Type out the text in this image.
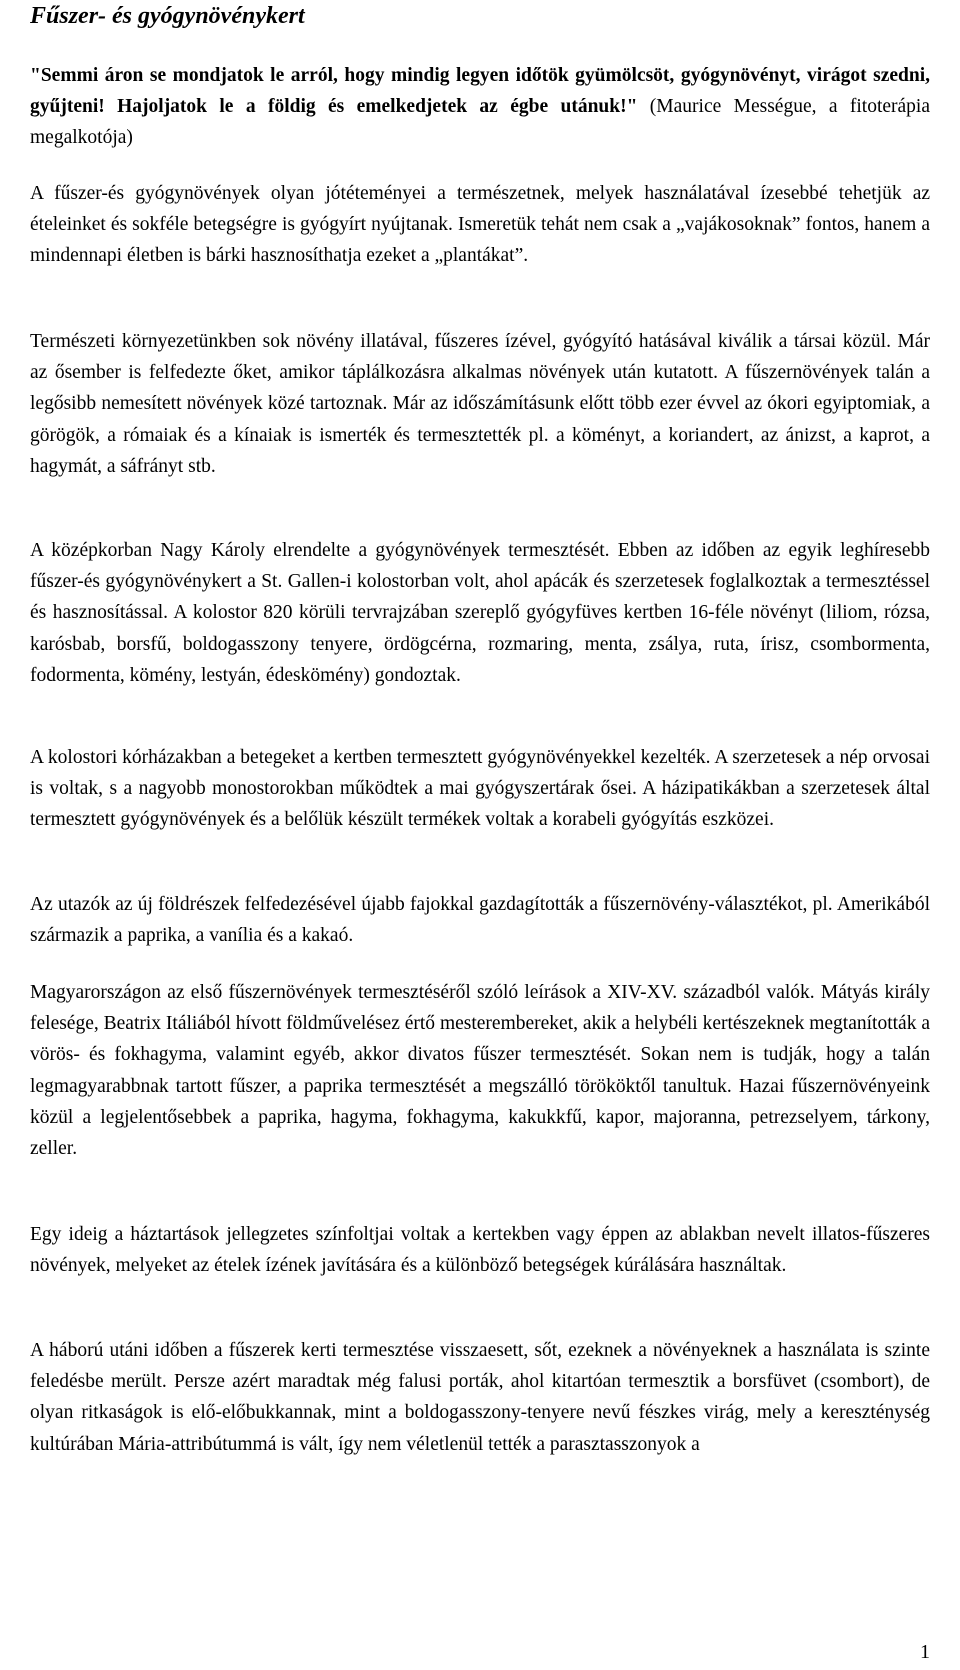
Fűszer- és gyógynövénykert

"Semmi áron se mondjatok le arról, hogy mindig legyen időtök gyümölcsöt, gyógynövényt, virágot szedni, gyűjteni! Hajoljatok le a földig és emelkedjetek az égbe utánuk!" (Maurice Mességue, a fitoterápia megalkotója)

A fűszer-és gyógynövények olyan jótéteményei a természetnek, melyek használatával ízesebbé tehetjük az ételeinket és sokféle betegségre is gyógyírt nyújtanak. Ismeretük tehát nem csak a „vajákosoknak” fontos, hanem a mindennapi életben is bárki hasznosíthatja ezeket a „plantákat”.

Természeti környezetünkben sok növény illatával, fűszeres ízével, gyógyító hatásával kiválik a társai közül. Már az ősember is felfedezte őket, amikor táplálkozásra alkalmas növények után kutatott. A fűszernövények talán a legősibb nemesített növények közé tartoznak. Már az időszámításunk előtt több ezer évvel az ókori egyiptomiak, a görögök, a rómaiak és a kínaiak is ismerték és termesztették pl. a köményt, a koriandert, az ánizst, a kaprot, a hagymát, a sáfrányt stb.

A középkorban Nagy Károly elrendelte a gyógynövények termesztését. Ebben az időben az egyik leghíresebb fűszer-és gyógynövénykert a St. Gallen-i kolostorban volt, ahol apácák és szerzetesek foglalkoztak a termesztéssel és hasznosítással. A kolostor 820 körüli tervrajzában szereplő gyógyfüves kertben 16-féle növényt (liliom, rózsa, karósbab, borsfű, boldogasszony tenyere, ördögcérna, rozmaring, menta, zsálya, ruta, írisz, csombormenta, fodormenta, kömény, lestyán, édeskömény) gondoztak.

A kolostori kórházakban a betegeket a kertben termesztett gyógynövényekkel kezelték. A szerzetesek a nép orvosai is voltak, s a nagyobb monostorokban működtek a mai gyógyszertárak ősei. A házipatikákban a szerzetesek által termesztett gyógynövények és a belőlük készült termékek voltak a korabeli gyógyítás eszközei.

Az utazók az új földrészek felfedezésével újabb fajokkal gazdagították a fűszernövény-választékot, pl. Amerikából származik a paprika, a vanília és a kakaó.

Magyarországon az első fűszernövények termesztéséről szóló leírások a XIV-XV. századból valók. Mátyás király felesége, Beatrix Itáliából hívott földművelésez értő mesterembereket, akik a helybéli kertészeknek megtanították a vörös- és fokhagyma, valamint egyéb, akkor divatos fűszer termesztését. Sokan nem is tudják, hogy a talán legmagyarabbnak tartott fűszer, a paprika termesztését a megszálló törököktől tanultuk. Hazai fűszernövényeink közül a legjelentősebbek a paprika, hagyma, fokhagyma, kakukkfű, kapor, majoranna, petrezselyem, tárkony, zeller.

Egy ideig a háztartások jellegzetes színfoltjai voltak a kertekben vagy éppen az ablakban nevelt illatos-fűszeres növények, melyeket az ételek ízének javítására és a különböző betegségek kúrálására használtak.

A háború utáni időben a fűszerek kerti termesztése visszaesett, sőt, ezeknek a növényeknek a használata is szinte feledésbe merült. Persze azért maradtak még falusi porták, ahol kitartóan termesztik a borsfüvet (csombort), de olyan ritkaságok is elő-előbukkannak, mint a boldogasszony-tenyere nevű fészkes virág, mely a kereszténység kultúrában Mária-attribútummá is vált, így nem véletlenül tették a parasztasszonyok a

1
